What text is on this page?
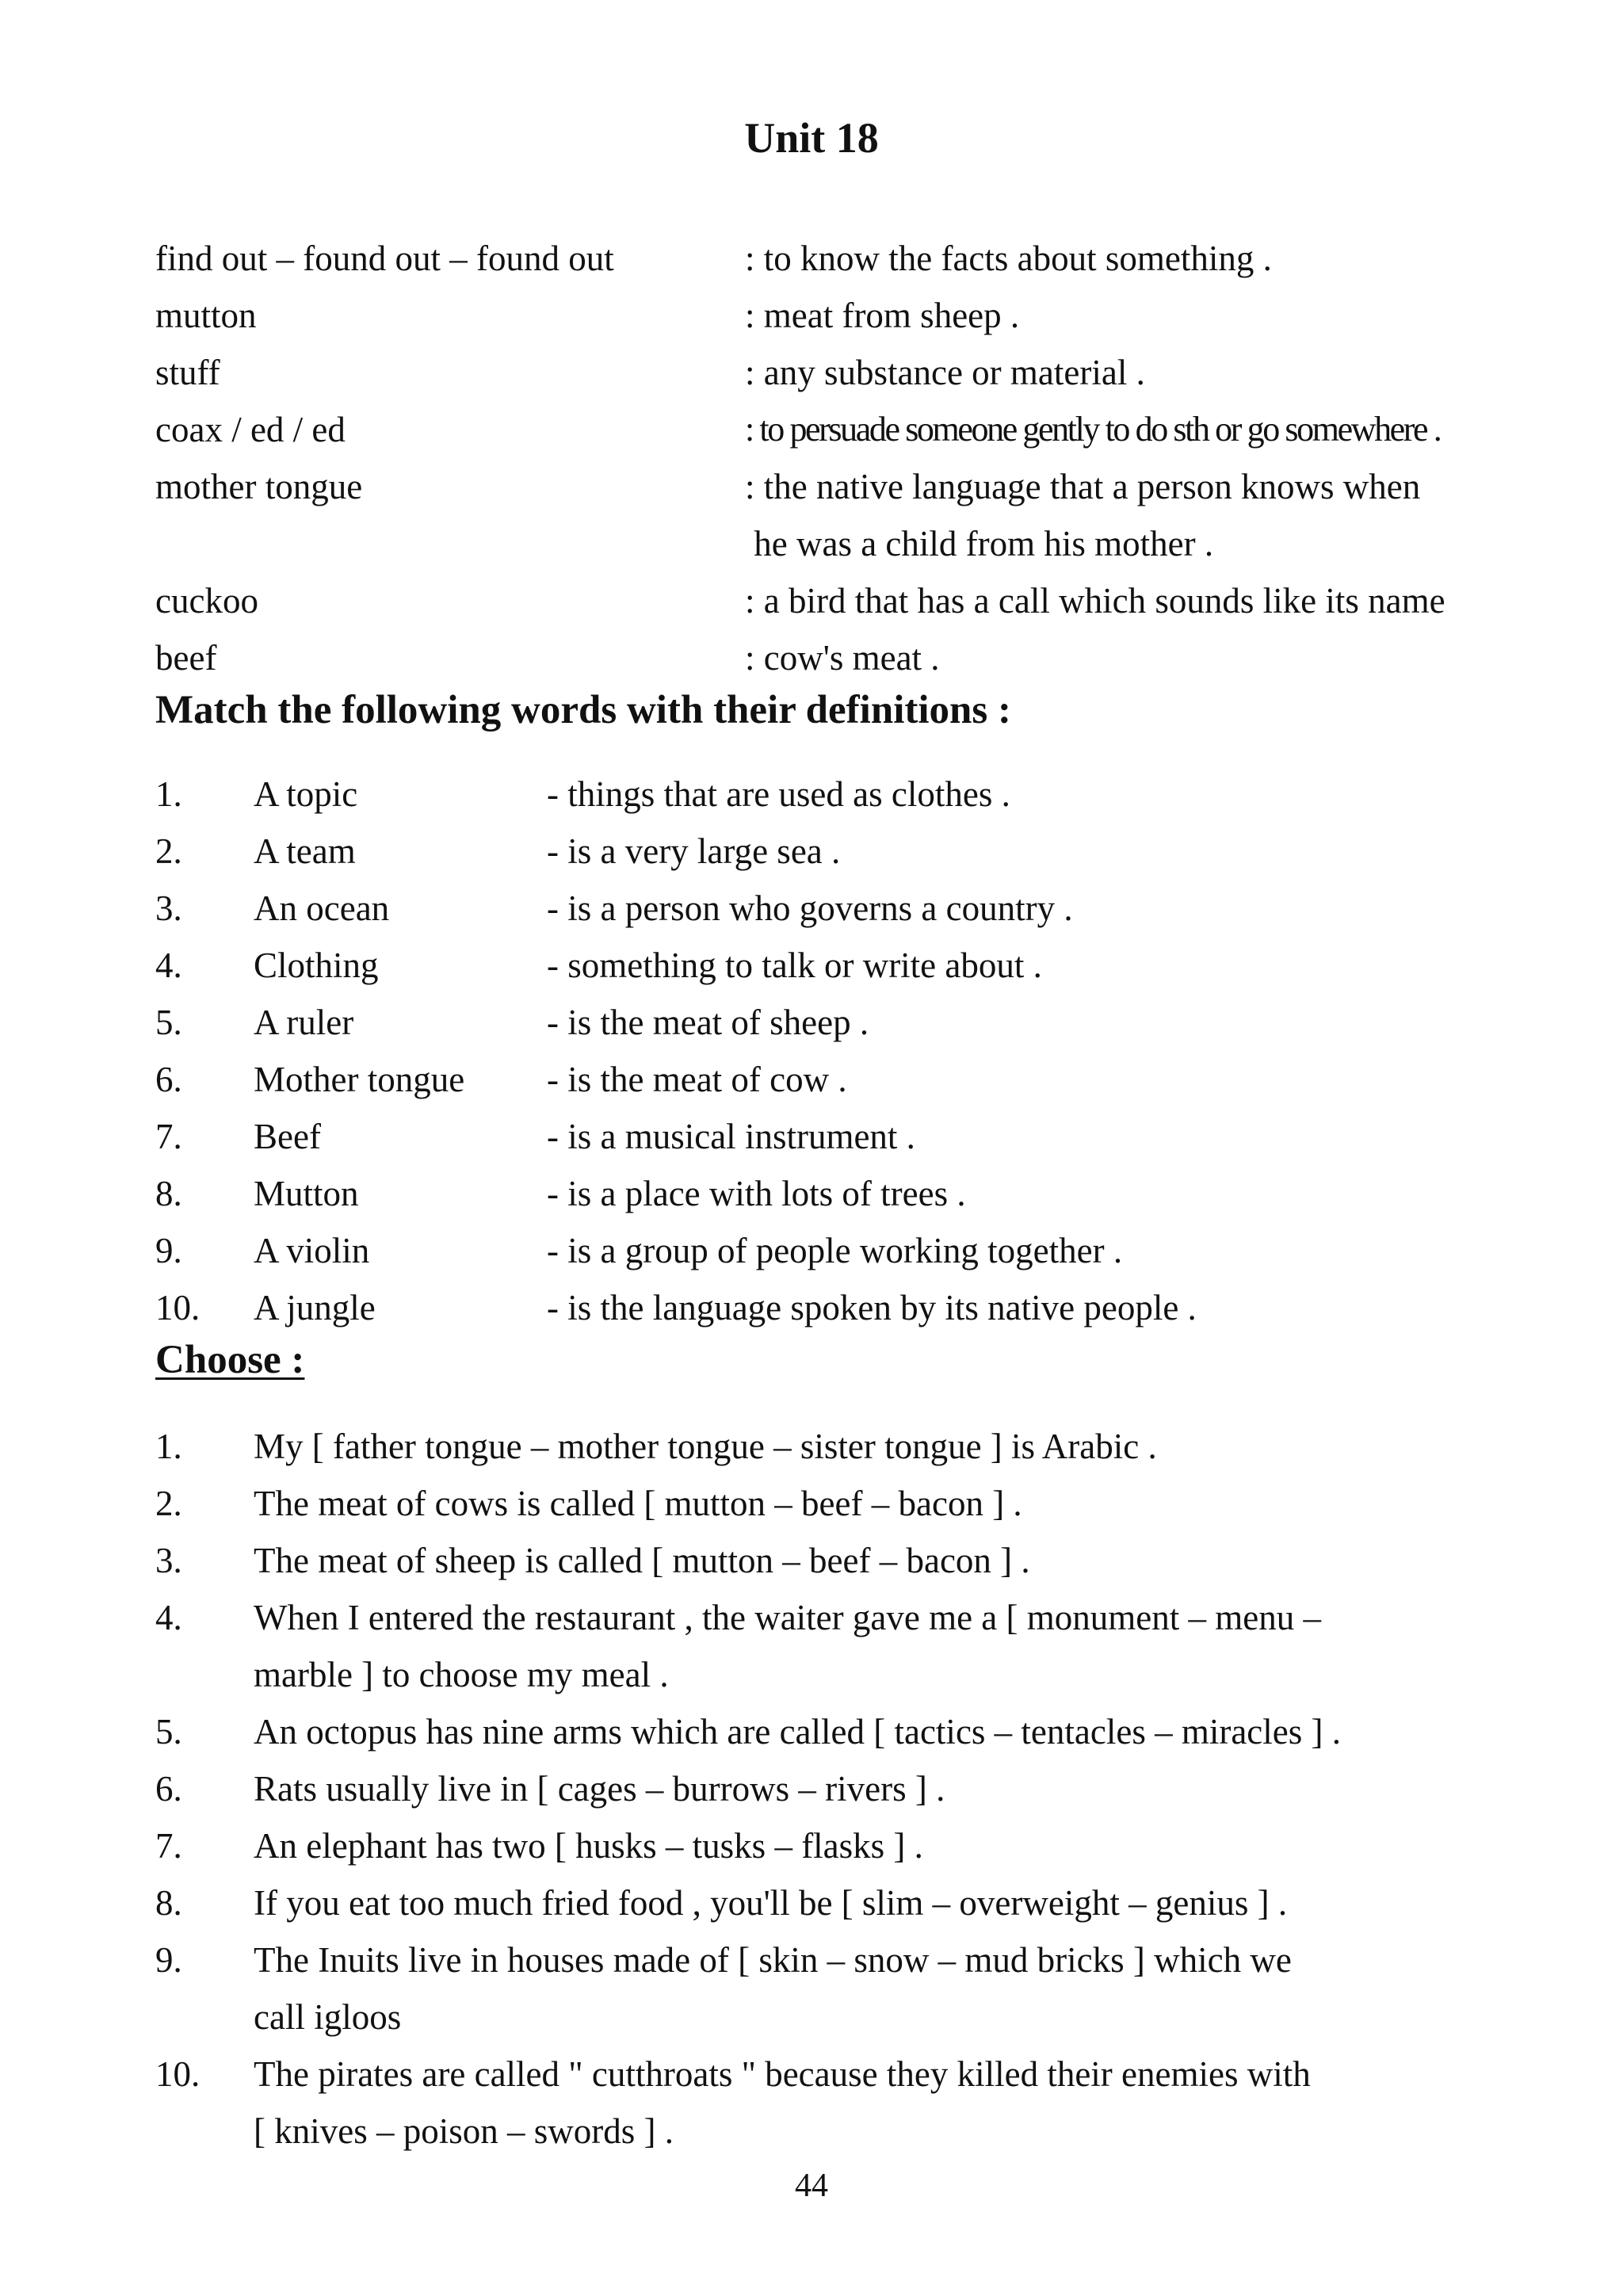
Unit 18
find out – found out – found out	: to know the facts about something .
mutton	: meat from sheep .
stuff	: any substance or material .
coax / ed / ed	: to persuade someone gently to do sth or go somewhere .
mother tongue	: the native language that a person knows when
he was a child from his mother .
cuckoo	: a bird that has a call which sounds like its name
beef	: cow's meat .
Match the following words with their definitions :
1. A topic	- things that are used as clothes .
2. A team	- is a very large sea .
3. An ocean	- is a person who governs a country .
4. Clothing	- something to talk or write about .
5. A ruler	- is the meat of sheep .
6. Mother tongue - is the meat of cow .
7. Beef	- is a musical instrument .
8. Mutton	- is a place with lots of trees .
9. A violin	- is a group of people working together .
10. A jungle	- is the language spoken by its native people .
Choose :
1. My [ father tongue – mother tongue – sister tongue ] is Arabic .
2. The meat of cows is called [ mutton – beef – bacon ] .
3. The meat of sheep is called [ mutton – beef – bacon ] .
4. When I entered the restaurant , the waiter gave me a [ monument – menu –
marble ] to choose my meal .
5. An octopus has nine arms which are called [ tactics – tentacles – miracles ] .
6. Rats usually live in [ cages – burrows – rivers ] .
7. An elephant has two [ husks – tusks – flasks ] .
8. If you eat too much fried food , you'll be [ slim – overweight – genius ] .
9. The Inuits live in houses made of [ skin – snow – mud bricks ] which we
call igloos
10. The pirates are called " cutthroats " because they killed their enemies with
[ knives – poison – swords ] .
44
